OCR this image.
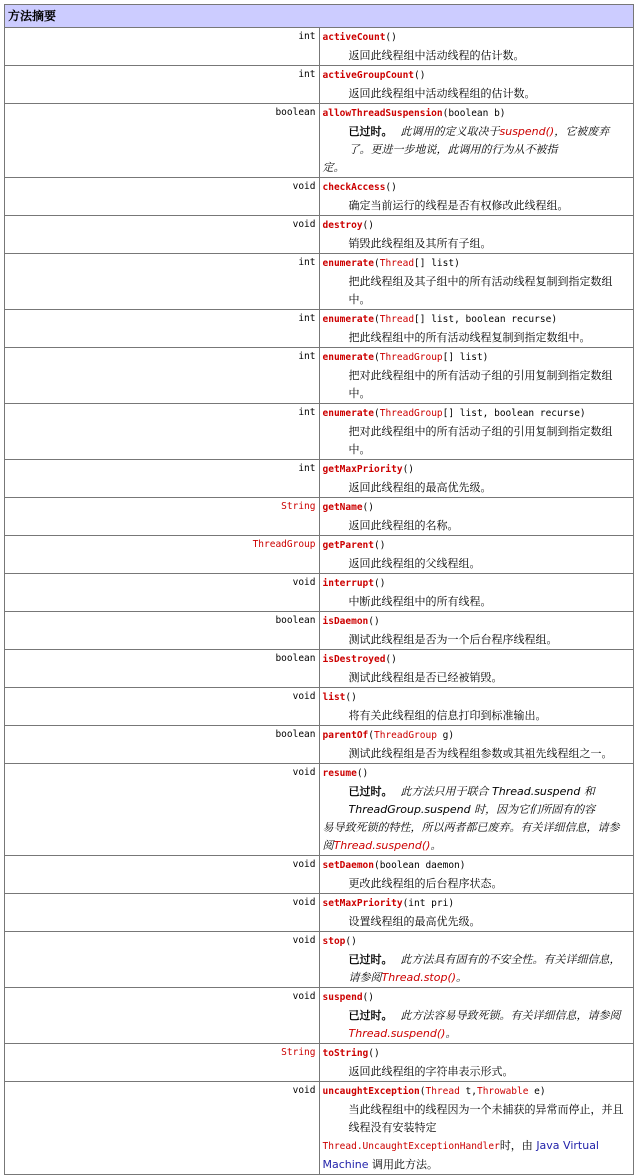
方法摘要	
int	activeCount()
返回此线程组中活动线程的估计数。

int	activeGroupCount()
返回此线程组中活动线程组的估计数。

boolean	allowThreadSuspension(boolean b)
已过时。 此调用的定义取决于suspend()，它被废弃了。更进一步地说，此调用的行为从不被指
定。

void	checkAccess()
确定当前运行的线程是否有权修改此线程组。

void	destroy()
销毁此线程组及其所有子组。

int	enumerate(Thread[] list)
把此线程组及其子组中的所有活动线程复制到指定数组中。

int	enumerate(Thread[] list, boolean recurse)
把此线程组中的所有活动线程复制到指定数组中。

int	enumerate(ThreadGroup[] list)
把对此线程组中的所有活动子组的引用复制到指定数组中。

int	enumerate(ThreadGroup[] list, boolean recurse)
把对此线程组中的所有活动子组的引用复制到指定数组中。

int	getMaxPriority()
返回此线程组的最高优先级。

String	getName()
返回此线程组的名称。

ThreadGroup	getParent()
返回此线程组的父线程组。

void	interrupt()
中断此线程组中的所有线程。

boolean	isDaemon()
测试此线程组是否为一个后台程序线程组。

boolean	isDestroyed()
测试此线程组是否已经被销毁。

void	list()
将有关此线程组的信息打印到标准输出。

boolean	parentOf(ThreadGroup g)
测试此线程组是否为线程组参数或其祖先线程组之一。

void	resume()
已过时。 此方法只用于联合 Thread.suspend 和 ThreadGroup.suspend 时，因为它们所固有的容
易导致死锁的特性，所以两者都已废弃。有关详细信息，请参阅Thread.suspend()。

void	setDaemon(boolean daemon)
更改此线程组的后台程序状态。

void	setMaxPriority(int pri)
设置线程组的最高优先级。

void	stop()
已过时。 此方法具有固有的不安全性。有关详细信息，请参阅Thread.stop()。

void	suspend()
已过时。 此方法容易导致死锁。有关详细信息，请参阅Thread.suspend()。

String	toString()
返回此线程组的字符串表示形式。

void	uncaughtException(Thread t,Throwable e)
当此线程组中的线程因为一个未捕获的异常而停止，并且线程没有安装特定
Thread.UncaughtExceptionHandler时，由 Java Virtual Machine 调用此方法。
